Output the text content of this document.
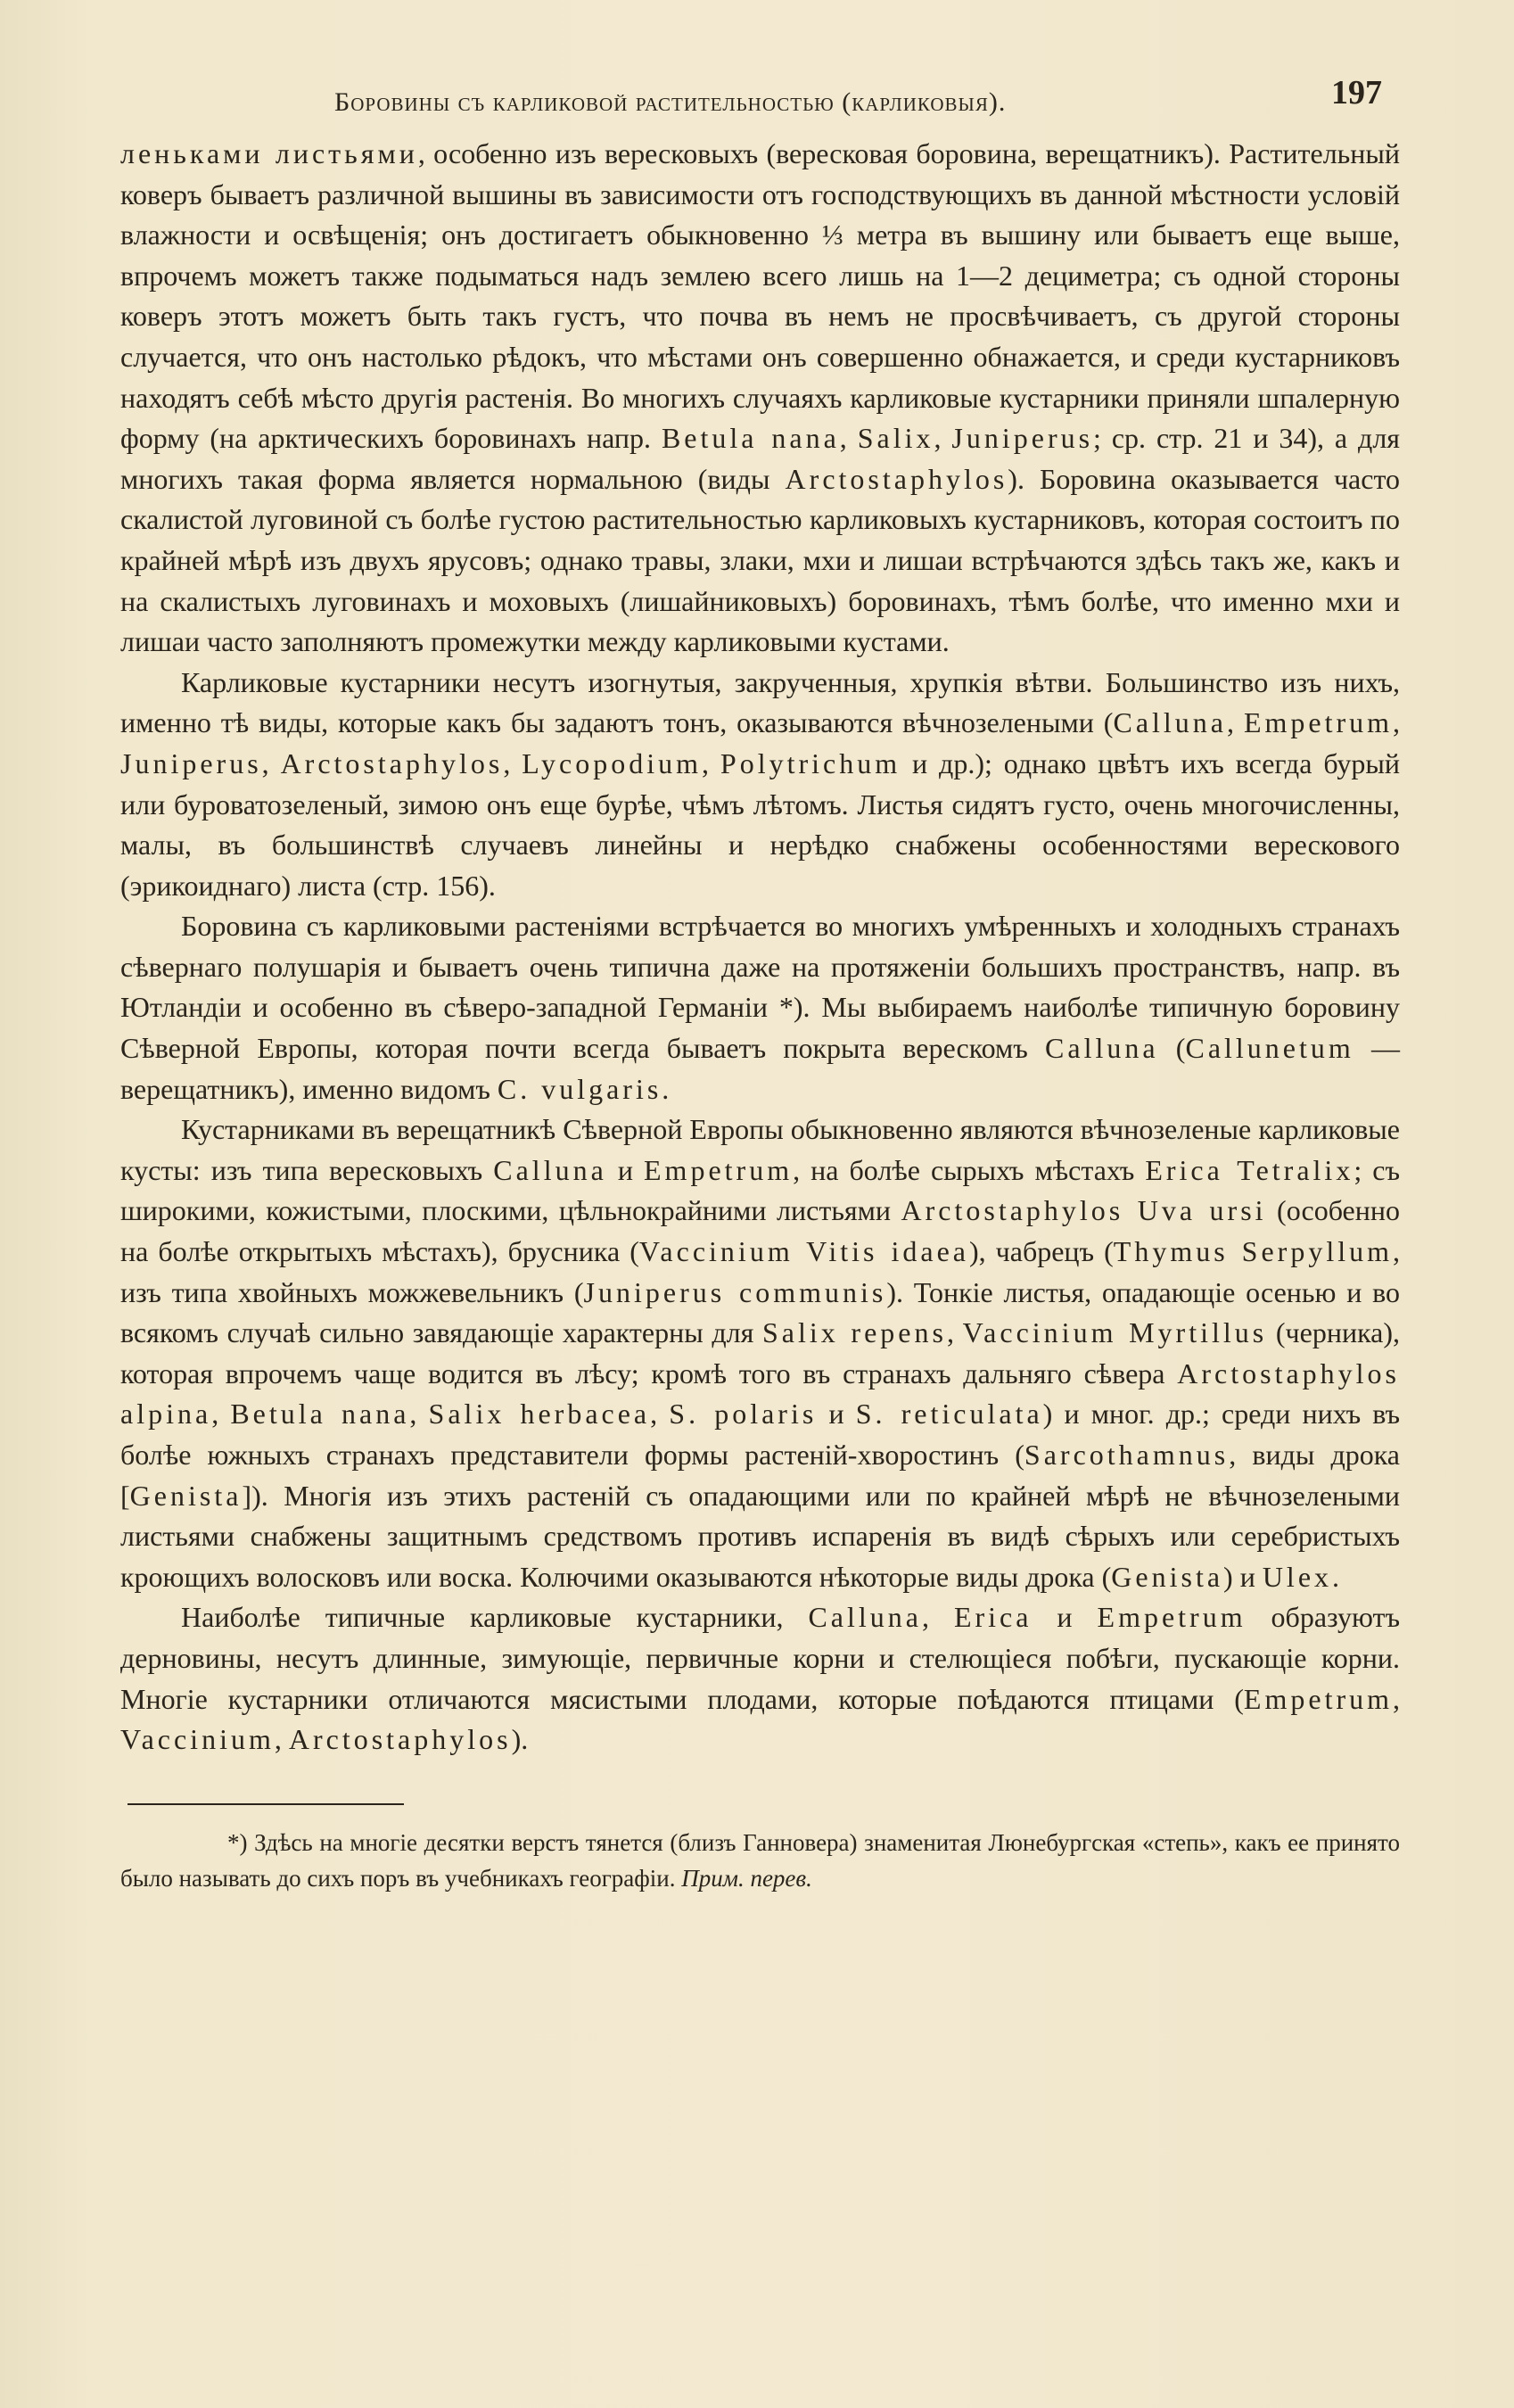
Боровины съ карликовой растительностью (карликовыя).	197

леньками листьями, особенно изъ вересковыхъ (вересковая боровина, верещатникъ). Растительный коверъ бываетъ различной вышины въ зависимости отъ господствующихъ въ данной мѣстности условій влажности и освѣщенія; онъ достигаетъ обыкновенно ⅓ метра въ вышину или бываетъ еще выше, впрочемъ можетъ также подыматься надъ землею всего лишь на 1—2 дециметра; съ одной стороны коверъ этотъ можетъ быть такъ густъ, что почва въ немъ не просвѣчиваетъ, съ другой стороны случается, что онъ настолько рѣдокъ, что мѣстами онъ совершенно обнажается, и среди кустарниковъ находятъ себѣ мѣсто другія растенія. Во многихъ случаяхъ карликовые кустарники приняли шпалерную форму (на арктическихъ боровинахъ напр. Betula nana, Salix, Juniperus; ср. стр. 21 и 34), а для многихъ такая форма является нормальною (виды Arctostaphylos). Боровина оказывается часто скалистой луговиной съ болѣе густою растительностью карликовыхъ кустарниковъ, которая состоитъ по крайней мѣрѣ изъ двухъ ярусовъ; однако травы, злаки, мхи и лишаи встрѣчаются здѣсь такъ же, какъ и на скалистыхъ луговинахъ и моховыхъ (лишайниковыхъ) боровинахъ, тѣмъ болѣе, что именно мхи и лишаи часто заполняютъ промежутки между карликовыми кустами.

Карликовые кустарники несутъ изогнутыя, закрученныя, хрупкія вѣтви. Большинство изъ нихъ, именно тѣ виды, которые какъ бы задаютъ тонъ, оказываются вѣчнозелеными (Calluna, Empetrum, Juniperus, Arctostaphylos, Lycopodium, Polytrichum и др.); однако цвѣтъ ихъ всегда бурый или буроватозеленый, зимою онъ еще бурѣе, чѣмъ лѣтомъ. Листья сидятъ густо, очень многочисленны, малы, въ большинствѣ случаевъ линейны и нерѣдко снабжены особенностями верескового (эрикоиднаго) листа (стр. 156).

Боровина съ карликовыми растеніями встрѣчается во многихъ умѣренныхъ и холодныхъ странахъ сѣвернаго полушарія и бываетъ очень типична даже на протяженіи большихъ пространствъ, напр. въ Ютландіи и особенно въ сѣверо-западной Германіи *). Мы выбираемъ наиболѣе типичную боровину Сѣверной Европы, которая почти всегда бываетъ покрыта верескомъ Calluna (Callunetum — верещатникъ), именно видомъ C. vulgaris.

Кустарниками въ верещатникѣ Сѣверной Европы обыкновенно являются вѣчнозеленые карликовые кусты: изъ типа вересковыхъ Calluna и Empetrum, на болѣе сырыхъ мѣстахъ Erica Tetralix; съ широкими, кожистыми, плоскими, цѣльнокрайними листьями Arctostaphylos Uva ursi (особенно на болѣе открытыхъ мѣстахъ), брусника (Vaccinium Vitis idaea), чабрецъ (Thymus Serpyllum, изъ типа хвойныхъ можжевельникъ (Juniperus communis). Тонкіе листья, опадающіе осенью и во всякомъ случаѣ сильно завядающіе характерны для Salix repens, Vaccinium Myrtillus (черника), которая впрочемъ чаще водится въ лѣсу; кромѣ того въ странахъ дальняго сѣвера Arctostaphylos alpina, Betula nana, Salix herbacea, S. polaris и S. reticulata) и мног. др.; среди нихъ въ болѣе южныхъ странахъ представители формы растеній-хворостинъ (Sarcothamnus, виды дрока [Genista]). Многія изъ этихъ растеній съ опадающими или по крайней мѣрѣ не вѣчнозелеными листьями снабжены защитнымъ средствомъ противъ испаренія въ видѣ сѣрыхъ или серебристыхъ кроющихъ волосковъ или воска. Колючими оказываются нѣкоторые виды дрока (Genista) и Ulex.

Наиболѣе типичные карликовые кустарники, Calluna, Erica и Empetrum образуютъ дерновины, несутъ длинные, зимующіе, первичные корни и стелющіеся побѣги, пускающіе корни. Многіе кустарники отличаются мясистыми плодами, которые поѣдаются птицами (Empetrum, Vaccinium, Arctostaphylos).

*) Здѣсь на многіе десятки верстъ тянется (близъ Ганновера) знаменитая Люнебургская «степь», какъ ее принято было называть до сихъ поръ въ учебникахъ географіи. Прим. перев.
